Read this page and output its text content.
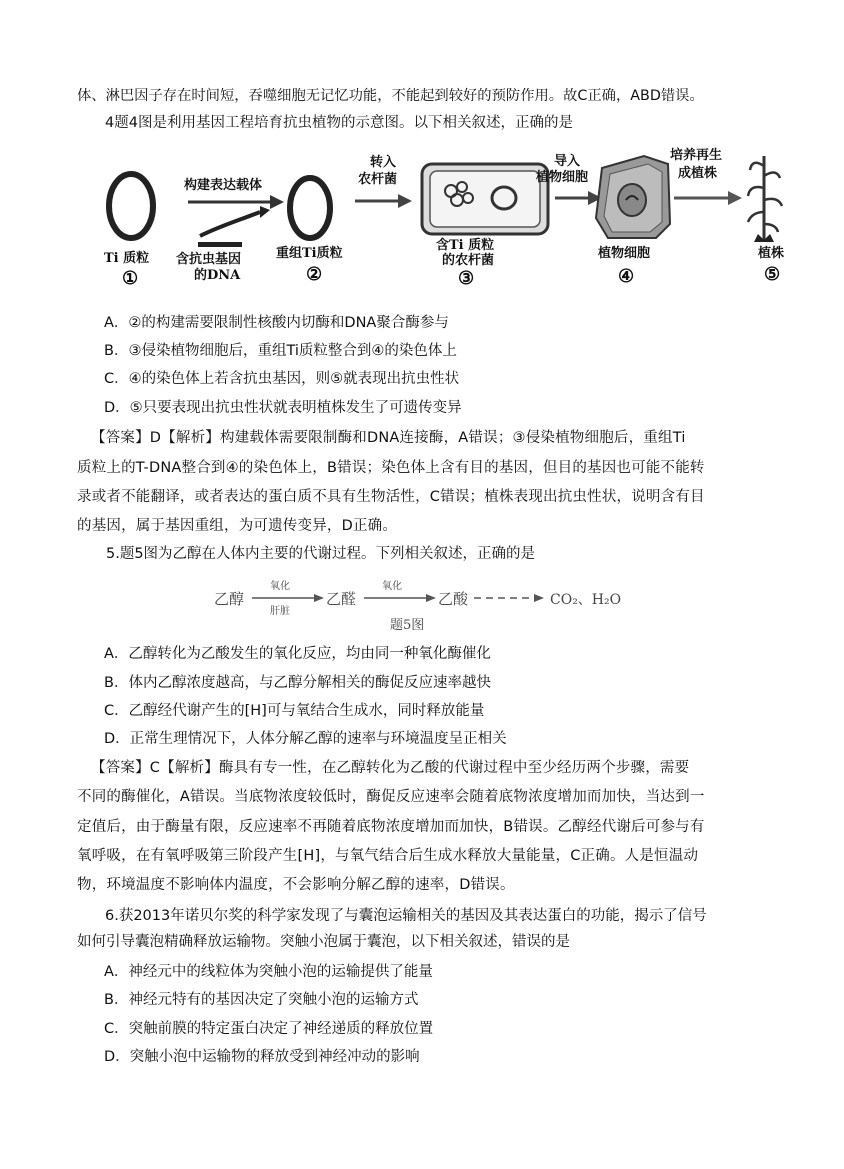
体、淋巴因子存在时间短，吞噬细胞无记忆功能，不能起到较好的预防作用。故C正确，ABD错误。
4题4图是利用基因工程培育抗虫植物的示意图。以下相关叙述，正确的是
Ti 质粒
①
构建表达载体
含抗虫基因
的DNA
重组Ti质粒
②
转入
农杆菌
含Ti 质粒
的农杆菌
③
导入
植物细胞
植物细胞
④
培养再生
成植株
植株
⑤
A．②的构建需要限制性核酸内切酶和DNA聚合酶参与
B．③侵染植物细胞后，重组Ti质粒整合到④的染色体上
C．④的染色体上若含抗虫基因，则⑤就表现出抗虫性状
D．⑤只要表现出抗虫性状就表明植株发生了可遗传变异
【答案】D【解析】构建载体需要限制酶和DNA连接酶，A错误；③侵染植物细胞后，重组Ti
质粒上的T-DNA整合到④的染色体上，B错误；染色体上含有目的基因，但目的基因也可能不能转
录或者不能翻译，或者表达的蛋白质不具有生物活性，C错误；植株表现出抗虫性状，说明含有目
的基因，属于基因重组，为可遗传变异，D正确。
5.题5图为乙醇在人体内主要的代谢过程。下列相关叙述，正确的是
乙醇
氧化
肝脏
乙醛
氧化
乙酸	CO₂、H₂O
题5图
A．乙醇转化为乙酸发生的氧化反应，均由同一种氧化酶催化
B．体内乙醇浓度越高，与乙醇分解相关的酶促反应速率越快
C．乙醇经代谢产生的[H]可与氧结合生成水，同时释放能量
D．正常生理情况下，人体分解乙醇的速率与环境温度呈正相关
【答案】C【解析】酶具有专一性，在乙醇转化为乙酸的代谢过程中至少经历两个步骤，需要
不同的酶催化，A错误。当底物浓度较低时，酶促反应速率会随着底物浓度增加而加快，当达到一
定值后，由于酶量有限，反应速率不再随着底物浓度增加而加快，B错误。乙醇经代谢后可参与有
氧呼吸，在有氧呼吸第三阶段产生[H]，与氧气结合后生成水释放大量能量，C正确。人是恒温动
物，环境温度不影响体内温度，不会影响分解乙醇的速率，D错误。
6.获2013年诺贝尔奖的科学家发现了与囊泡运输相关的基因及其表达蛋白的功能，揭示了信号
如何引导囊泡精确释放运输物。突触小泡属于囊泡，以下相关叙述，错误的是
A．神经元中的线粒体为突触小泡的运输提供了能量
B．神经元特有的基因决定了突触小泡的运输方式
C．突触前膜的特定蛋白决定了神经递质的释放位置
D．突触小泡中运输物的释放受到神经冲动的影响
